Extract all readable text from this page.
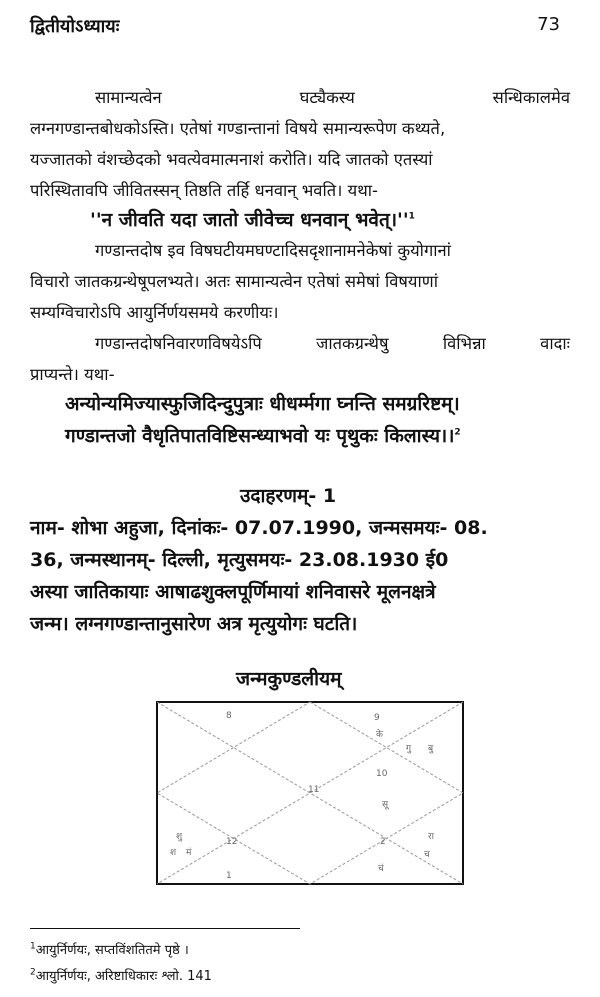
द्वितीयोऽध्यायः	73
सामान्यत्वेन	घट्यैकस्य	सन्धिकालमेव
लग्नगण्डान्तबोधकोऽस्ति। एतेषां गण्डान्तानां विषये समान्यरूपेण कथ्यते,
यज्जातको वंशच्छेदको भवत्येवमात्मनाशं करोति। यदि जातको एतस्यां
परिस्थितावपि जीवितस्सन् तिष्ठति तर्हि धनवान् भवति। यथा-
''न जीवति यदा जातो जीवेच्च धनवान् $भवेत्।''^1$
गण्डान्तदोष इव विषघटीयमघण्टादिसदृशानामनेकेषां कुयोगानां
विचारो जातकग्रन्थेषूपलभ्यते। अतः सामान्यत्वेन एतेषां समेषां विषयाणां
सम्यग्विचारोऽपि आयुर्निर्णयसमये करणीयः।
गण्डान्तदोषनिवारणविषयेऽपि	जातकग्रन्थेषु	विभिन्ना	वादाः
प्राप्यन्ते। यथा-
अन्योन्यमिज्यास्फुजिदिन्दुपुत्राः धीधर्म्मगा घ्नन्ति समग्ररिष्टम्।
गण्डान्तजो वैधृतिपातविष्टिसन्ध्याभवो यः पृथुकः किलास्य।।$^2$
उदाहरणम्- 1
नाम- शोभा अहुजा, दिनांकः- 07.07.1990, जन्मसमयः- 08.
36, जन्मस्थानम्- दिल्ली, मृत्युसमयः- 23.08.1930 ई0
अस्या जातिकायाः आषाढशुक्लपूर्णिमायां शनिवासरे मूलनक्षत्रे
जन्म। लग्नगण्डान्तानुसारेण अत्र मृत्युयोगः घटति।
जन्मकुण्डलीयम्
8	9
के
गु बु
10
सू
11
शु
श मं
12
1
2	रा
च
चं
$^1$आयुर्निर्णयः, सप्तविंशतितमे पृष्ठे ।
$^2$आयुर्निर्णयः, अरिष्टाधिकारः श्लो. 141
